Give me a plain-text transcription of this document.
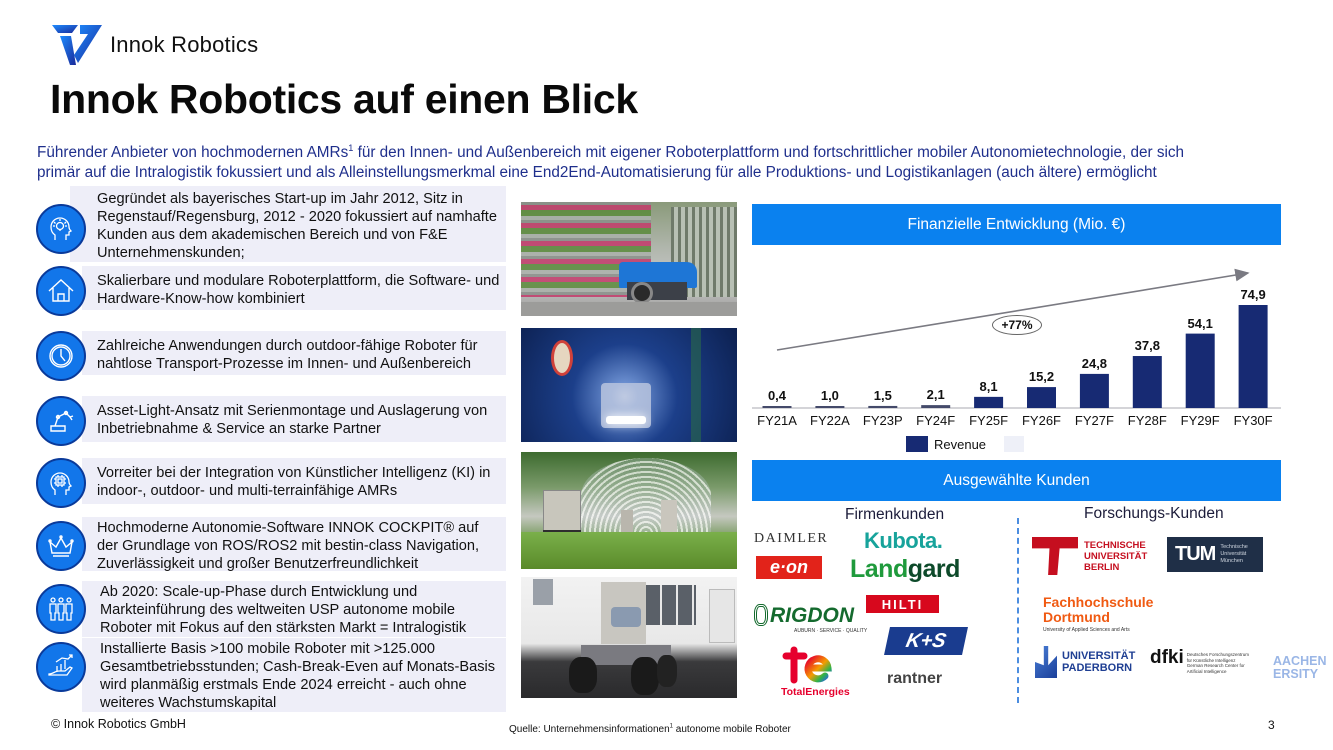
Innok Robotics
Innok Robotics auf einen Blick
Führender Anbieter von hochmodernen AMRs$^1$ für den Innen- und Außenbereich mit eigener Roboterplattform und fortschrittlicher mobiler Autonomietechnologie, der sich
primär auf die Intralogistik fokussiert und als Alleinstellungsmerkmal eine End2End-Automatisierung für alle Produktions- und Logistikanlagen (auch ältere) ermöglicht
Gegründet als bayerisches Start-up im Jahr 2012, Sitz in Regenstauf/Regensburg, 2012 - 2020 fokussiert auf namhafte Kunden aus dem akademischen Bereich und von F&E Unternehmenskunden;
Skalierbare und modulare Roboterplattform, die Software- und Hardware-Know-how kombiniert
Zahlreiche Anwendungen durch outdoor-fähige Roboter für nahtlose Transport-Prozesse im Innen- und Außenbereich
Asset-Light-Ansatz mit Serienmontage und Auslagerung von Inbetriebnahme & Service an starke Partner
Vorreiter bei der Integration von Künstlicher Intelligenz (KI) in indoor-, outdoor- und multi-terrainfähige AMRs
Hochmoderne Autonomie-Software INNOK COCKPIT® auf der Grundlage von ROS/ROS2 mit bestin-class Navigation, Zuverlässigkeit und großer Benutzerfreundlichkeit
Ab 2020: Scale-up-Phase durch Entwicklung und Markteinführung des weltweiten USP autonome mobile Roboter mit Fokus auf den stärksten Markt = Intralogistik
Installierte Basis >100 mobile Roboter mit >125.000 Gesamtbetriebsstunden; Cash-Break-Even auf Monats-Basis wird planmäßig erstmals Ende 2024 erreicht - auch ohne weiteres Wachstumskapital
Finanzielle Entwicklung (Mio. €)
+77%
0,4	1,0	1,5	2,1
8,1
15,2
24,8
37,8
54,1
74,9
FY21A	FY22A	FY23P	FY24F	FY25F	FY26F	FY27F	FY28F	FY29F	FY30F
Revenue
Ausgewählte Kunden
Firmenkunden	Forschungs-Kunden
DAIMLER
e·on
Kubota.
Landgard
HILTI
RIGDON
AUBURN · SERVICE · QUALITY	K+S
TotalEnergies
rantner
TECHNISCHE
UNIVERSITÄT
BERLIN
TUM Technische
Universität
München
Fachhochschule
Dortmund
University of Applied Sciences and Arts
UNIVERSITÄT
PADERBORN dfki Deutsches Forschungszentrum
für Künstliche Intelligenz
German Research Center for
Artificial Intelligence
AACHEN
ERSITY
© Innok Robotics GmbH	Quelle: Unternehmensinformationen$^1$ autonome mobile Roboter	3
